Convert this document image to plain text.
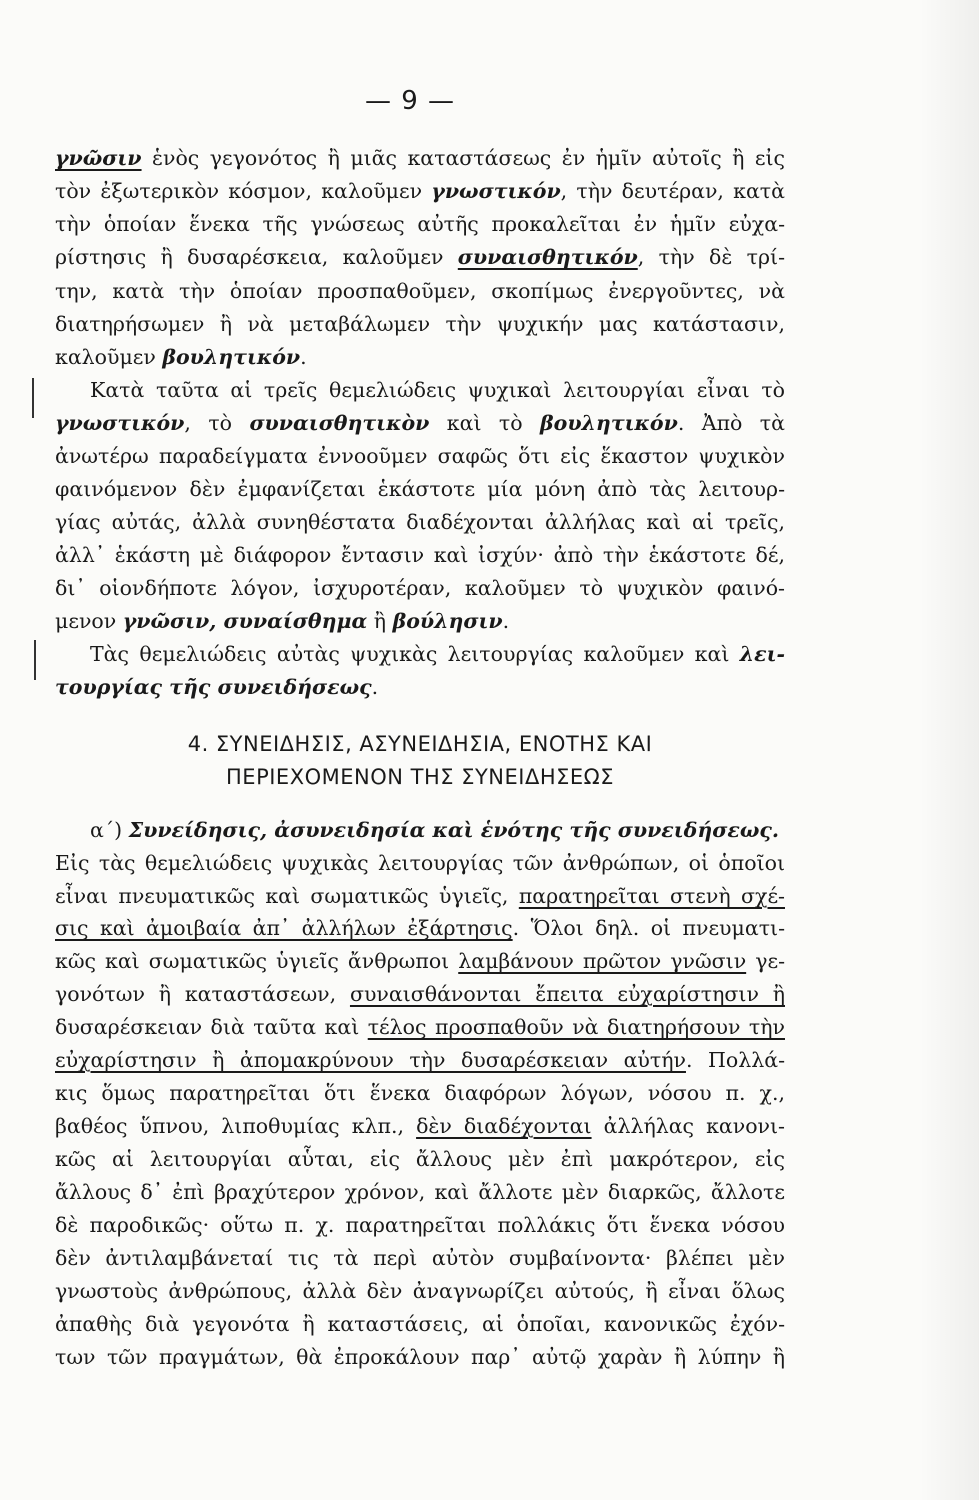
— 9 —
γνῶσιν ἑνὸς γεγονότος ἢ μιᾶς καταστάσεως ἐν ἡμῖν αὐτοῖς ἢ εἰς
τὸν ἐξωτερικὸν κόσμον, καλοῦμεν γνωστικόν, τὴν δευτέραν, κατὰ
τὴν ὁποίαν ἕνεκα τῆς γνώσεως αὐτῆς προκαλεῖται ἐν ἡμῖν εὐχα-
ρίστησις ἢ δυσαρέσκεια, καλοῦμεν συναισθητικόν, τὴν δὲ τρί-
την, κατὰ τὴν ὁποίαν προσπαθοῦμεν, σκοπίμως ἐνεργοῦντες, νὰ
διατηρήσωμεν ἢ νὰ μεταβάλωμεν τὴν ψυχικήν μας κατάστασιν,
καλοῦμεν βουλητικόν.
Κατὰ ταῦτα αἱ τρεῖς θεμελιώδεις ψυχικαὶ λειτουργίαι εἶναι τὸ
γνωστικόν, τὸ συναισθητικὸν καὶ τὸ βουλητικόν. Ἀπὸ τὰ
ἀνωτέρω παραδείγματα ἐννοοῦμεν σαφῶς ὅτι εἰς ἕκαστον ψυχικὸν
φαινόμενον δὲν ἐμφανίζεται ἑκάστοτε μία μόνη ἀπὸ τὰς λειτουρ-
γίας αὐτάς, ἀλλὰ συνηθέστατα διαδέχονται ἀλλήλας καὶ αἱ τρεῖς,
ἀλλ᾽ ἑκάστη μὲ διάφορον ἔντασιν καὶ ἰσχύν· ἀπὸ τὴν ἑκάστοτε δέ,
δι᾽ οἱονδήποτε λόγον, ἰσχυροτέραν, καλοῦμεν τὸ ψυχικὸν φαινό-
μενον γνῶσιν, συναίσθημα ἢ βούλησιν.
Τὰς θεμελιώδεις αὐτὰς ψυχικὰς λειτουργίας καλοῦμεν καὶ λει-
τουργίας τῆς συνειδήσεως.
4. ΣΥΝΕΙΔΗΣΙΣ, ΑΣΥΝΕΙΔΗΣΙΑ, ΕΝΟΤΗΣ ΚΑΙ
ΠΕΡΙΕΧΟΜΕΝΟΝ ΤΗΣ ΣΥΝΕΙΔΗΣΕΩΣ
α΄) Συνείδησις, ἀσυνειδησία καὶ ἑνότης τῆς συνειδήσεως.
Εἰς τὰς θεμελιώδεις ψυχικὰς λειτουργίας τῶν ἀνθρώπων, οἱ ὁποῖοι
εἶναι πνευματικῶς καὶ σωματικῶς ὑγιεῖς, παρατηρεῖται στενὴ σχέ-
σις καὶ ἀμοιβαία ἀπ᾽ ἀλλήλων ἐξάρτησις. Ὅλοι δηλ. οἱ πνευματι-
κῶς καὶ σωματικῶς ὑγιεῖς ἄνθρωποι λαμβάνουν πρῶτον γνῶσιν γε-
γονότων ἢ καταστάσεων, συναισθάνονται ἔπειτα εὐχαρίστησιν ἢ
δυσαρέσκειαν διὰ ταῦτα καὶ τέλος προσπαθοῦν νὰ διατηρήσουν τὴν
εὐχαρίστησιν ἢ ἀπομακρύνουν τὴν δυσαρέσκειαν αὐτήν. Πολλά-
κις ὅμως παρατηρεῖται ὅτι ἕνεκα διαφόρων λόγων, νόσου π. χ.,
βαθέος ὕπνου, λιποθυμίας κλπ., δὲν διαδέχονται ἀλλήλας κανονι-
κῶς αἱ λειτουργίαι αὗται, εἰς ἄλλους μὲν ἐπὶ μακρότερον, εἰς
ἄλλους δ᾽ ἐπὶ βραχύτερον χρόνον, καὶ ἄλλοτε μὲν διαρκῶς, ἄλλοτε
δὲ παροδικῶς· οὕτω π. χ. παρατηρεῖται πολλάκις ὅτι ἕνεκα νόσου
δὲν ἀντιλαμβάνεταί τις τὰ περὶ αὐτὸν συμβαίνοντα· βλέπει μὲν
γνωστοὺς ἀνθρώπους, ἀλλὰ δὲν ἀναγνωρίζει αὐτούς, ἢ εἶναι ὅλως
ἀπαθὴς διὰ γεγονότα ἢ καταστάσεις, αἱ ὁποῖαι, κανονικῶς ἐχόν-
των τῶν πραγμάτων, θὰ ἐπροκάλουν παρ᾽ αὐτῷ χαρὰν ἢ λύπην ἢ
